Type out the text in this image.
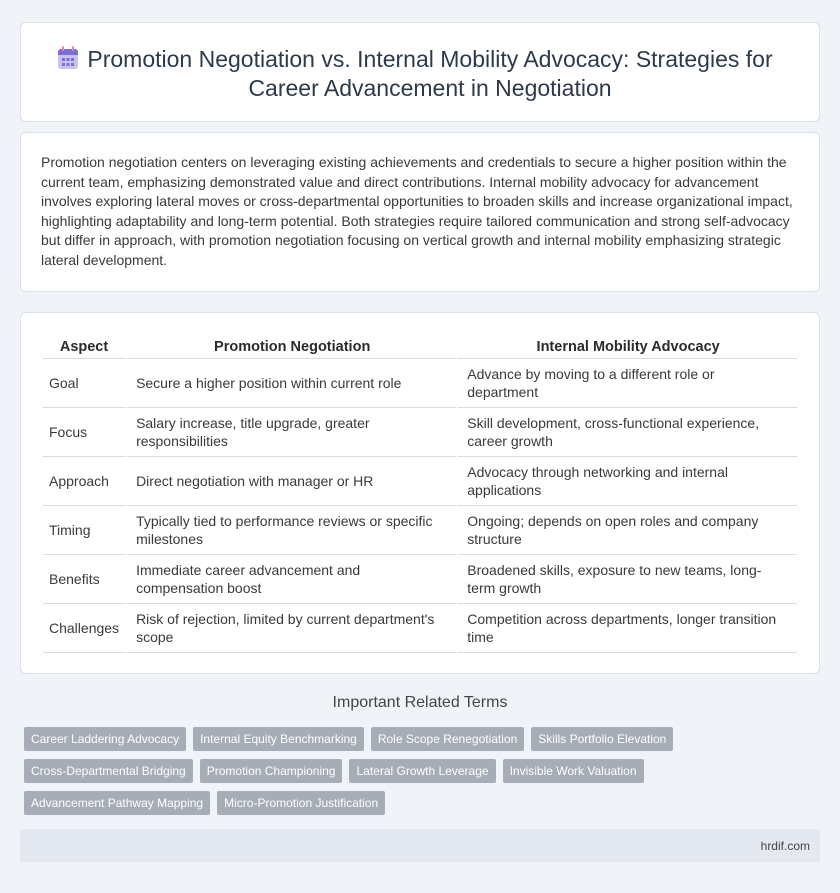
Promotion Negotiation vs. Internal Mobility Advocacy: Strategies for Career Advancement in Negotiation

Promotion negotiation centers on leveraging existing achievements and credentials to secure a higher position within the current team, emphasizing demonstrated value and direct contributions. Internal mobility advocacy for advancement involves exploring lateral moves or cross-departmental opportunities to broaden skills and increase organizational impact, highlighting adaptability and long-term potential. Both strategies require tailored communication and strong self-advocacy but differ in approach, with promotion negotiation focusing on vertical growth and internal mobility emphasizing strategic lateral development.

Aspect	Promotion Negotiation	Internal Mobility Advocacy
Goal	Secure a higher position within current role	Advance by moving to a different role or department
Focus	Salary increase, title upgrade, greater responsibilities	Skill development, cross-functional experience, career growth
Approach	Direct negotiation with manager or HR	Advocacy through networking and internal applications
Timing	Typically tied to performance reviews or specific milestones	Ongoing; depends on open roles and company structure
Benefits	Immediate career advancement and compensation boost	Broadened skills, exposure to new teams, long-term growth
Challenges	Risk of rejection, limited by current department's scope	Competition across departments, longer transition time
Important Related Terms
Career Laddering Advocacy	Internal Equity Benchmarking	Role Scope Renegotiation	Skills Portfolio Elevation
Cross-Departmental Bridging	Promotion Championing	Lateral Growth Leverage	Invisible Work Valuation
Advancement Pathway Mapping	Micro-Promotion Justification
hrdif.com
